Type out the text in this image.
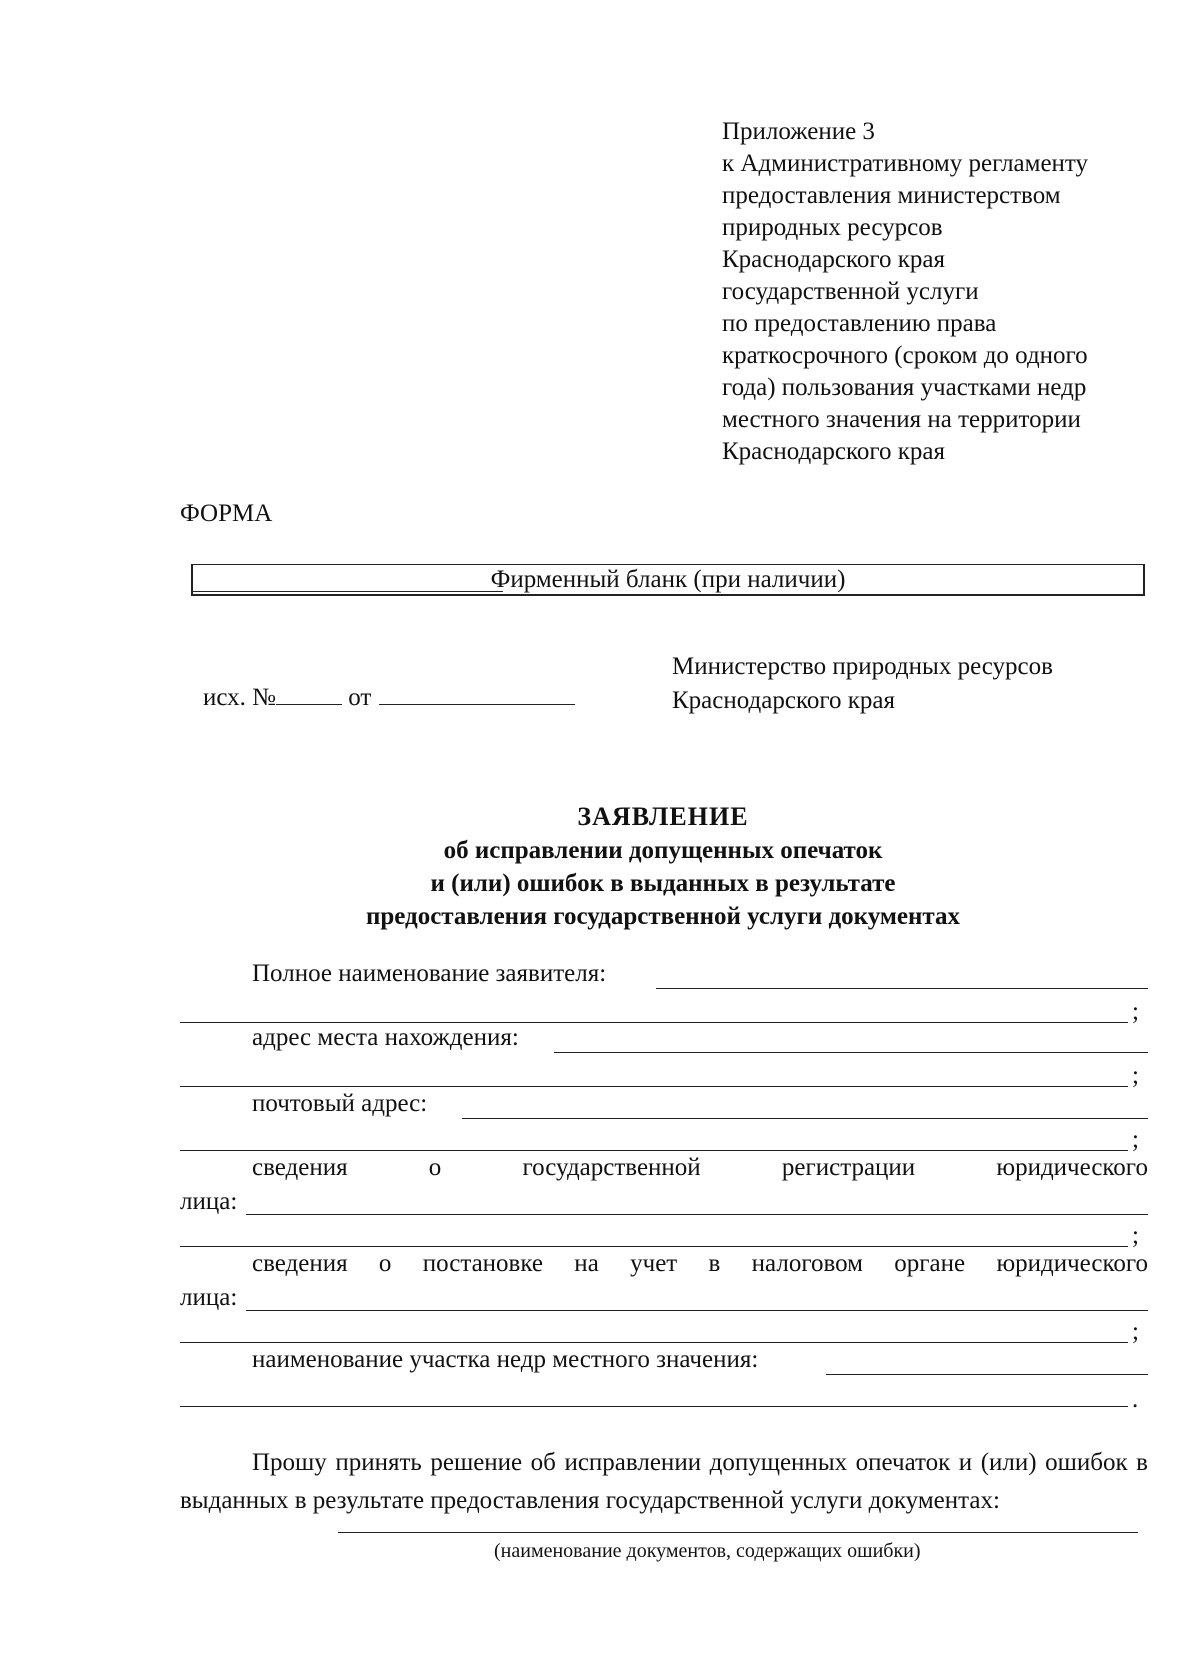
Приложение 3
к Административному регламенту
предоставления министерством
природных ресурсов
Краснодарского края
государственной услуги
по предоставлению права
краткосрочного (сроком до одного
года) пользования участками недр
местного значения на территории
Краснодарского края
ФОРМА
Фирменный бланк (при наличии)
исх. №	от
Министерство природных ресурсов
Краснодарского края
ЗАЯВЛЕНИЕ
об исправлении допущенных опечаток
и (или) ошибок в выданных в результате
предоставления государственной услуги документах
Полное наименование заявителя:
;
адрес места нахождения:
;
почтовый адрес:
;
сведения	о	государственной	регистрации	юридического
лица:
;
сведения о постановке на учет в налоговом органе юридического
лица:
;
наименование участка недр местного значения:
.
Прошу принять решение об исправлении допущенных опечаток и (или) ошибок в выданных в результате предоставления государственной услуги документах:
(наименование документов, содержащих ошибки)
